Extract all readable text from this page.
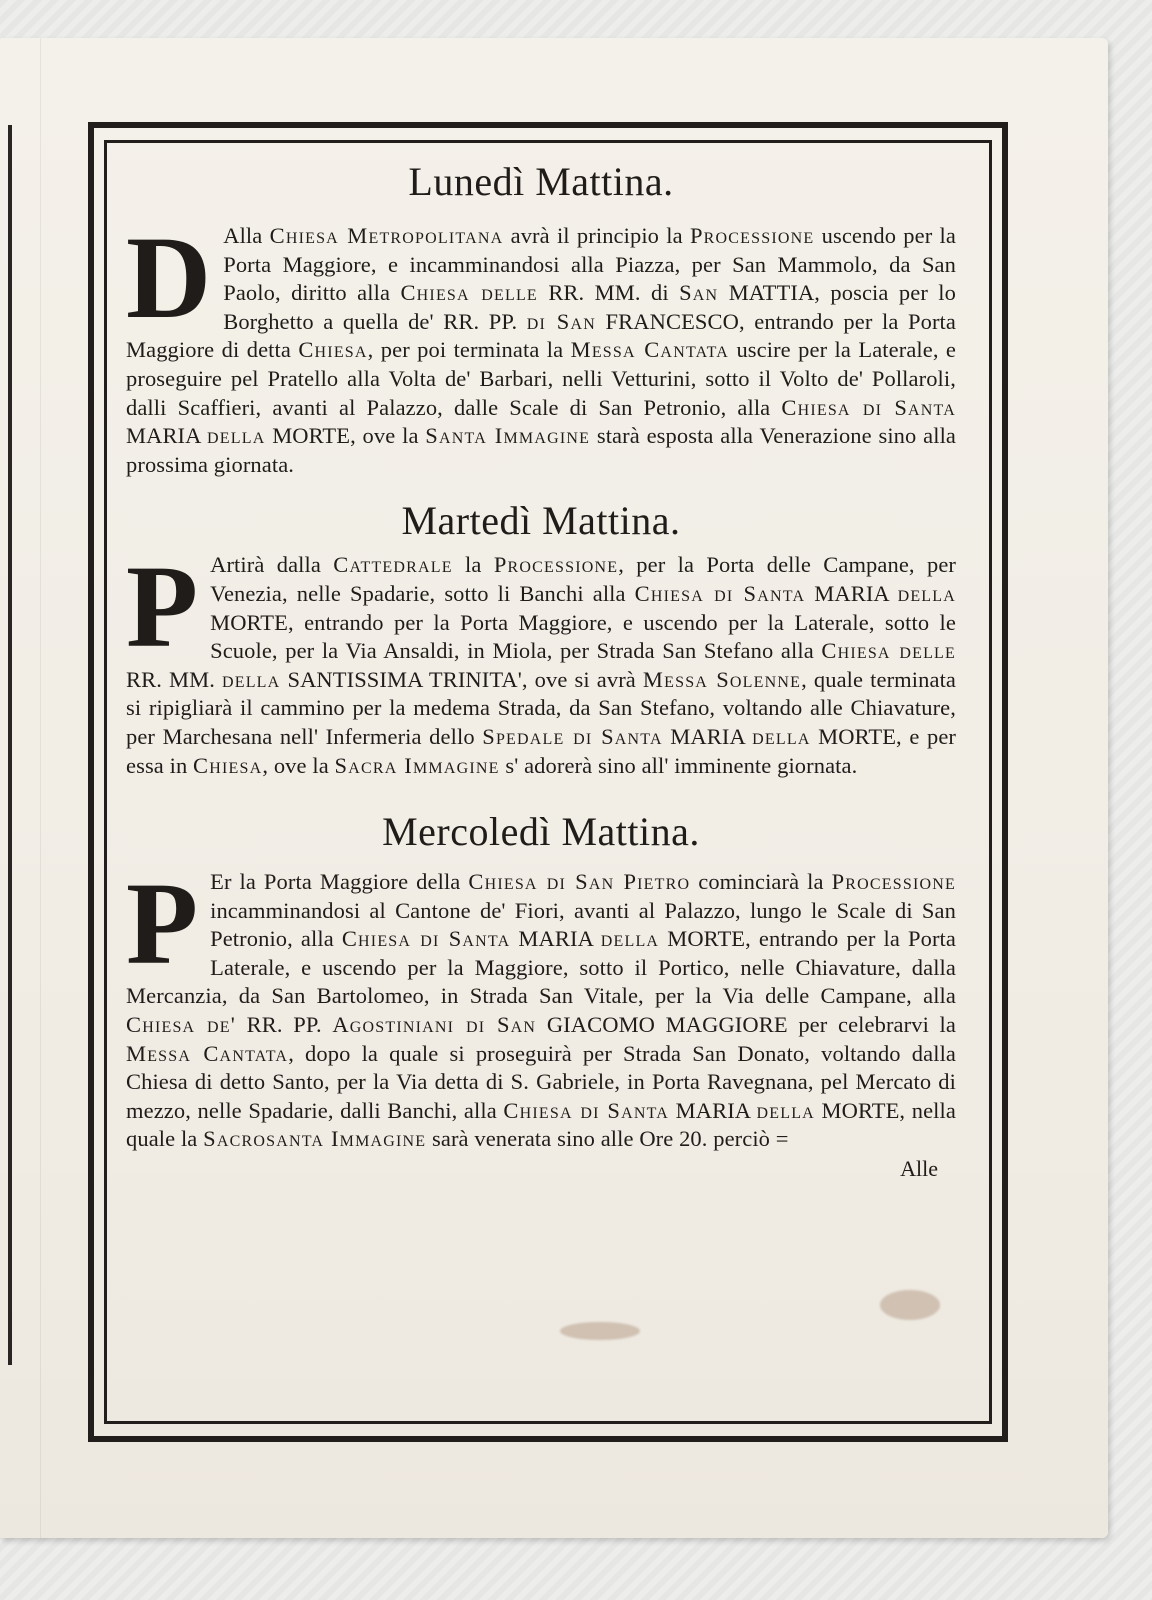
Lunedì Mattina.
D Alla Chiesa Metropolitana avrà il principio la Processione uscendo per la Porta Maggiore, e incamminandosi alla Piazza, per San Mammolo, da San Paolo, diritto alla Chiesa delle RR. MM. di San MATTIA, poscia per lo Borghetto a quella de' RR. PP. di San FRANCESCO, entrando per la Porta Maggiore di detta Chiesa, per poi terminata la Messa Cantata uscire per la Laterale, e proseguire pel Pratello alla Volta de' Barbari, nelli Vetturini, sotto il Volto de' Pollaroli, dalli Scaffieri, avanti al Palazzo, dalle Scale di San Petronio, alla Chiesa di Santa MARIA della MORTE, ove la Santa Immagine starà esposta alla Venerazione sino alla prossima giornata.

Martedì Mattina.
P Artirà dalla Cattedrale la Processione, per la Porta delle Campane, per Venezia, nelle Spadarie, sotto li Banchi alla Chiesa di Santa MARIA della MORTE, entrando per la Porta Maggiore, e uscendo per la Laterale, sotto le Scuole, per la Via Ansaldi, in Miola, per Strada San Stefano alla Chiesa delle RR. MM. della SANTISSIMA TRINITA', ove si avrà Messa Solenne, quale terminata si ripigliarà il cammino per la medema Strada, da San Stefano, voltando alle Chiavature, per Marchesana nell' Infermeria dello Spedale di Santa MARIA della MORTE, e per essa in Chiesa, ove la Sacra Immagine s' adorerà sino all' imminente giornata.

Mercoledì Mattina.
P Er la Porta Maggiore della Chiesa di San Pietro cominciarà la Processione incamminandosi al Cantone de' Fiori, avanti al Palazzo, lungo le Scale di San Petronio, alla Chiesa di Santa MARIA della MORTE, entrando per la Porta Laterale, e uscendo per la Maggiore, sotto il Portico, nelle Chiavature, dalla Mercanzia, da San Bartolomeo, in Strada San Vitale, per la Via delle Campane, alla Chiesa de' RR. PP. Agostiniani di San GIACOMO MAGGIORE per celebrarvi la Messa Cantata, dopo la quale si proseguirà per Strada San Donato, voltando dalla Chiesa di detto Santo, per la Via detta di S. Gabriele, in Porta Ravegnana, pel Mercato di mezzo, nelle Spadarie, dalli Banchi, alla Chiesa di Santa MARIA della MORTE, nella quale la Sacrosanta Immagine sarà venerata sino alle Ore 20. perciò =

Alle
